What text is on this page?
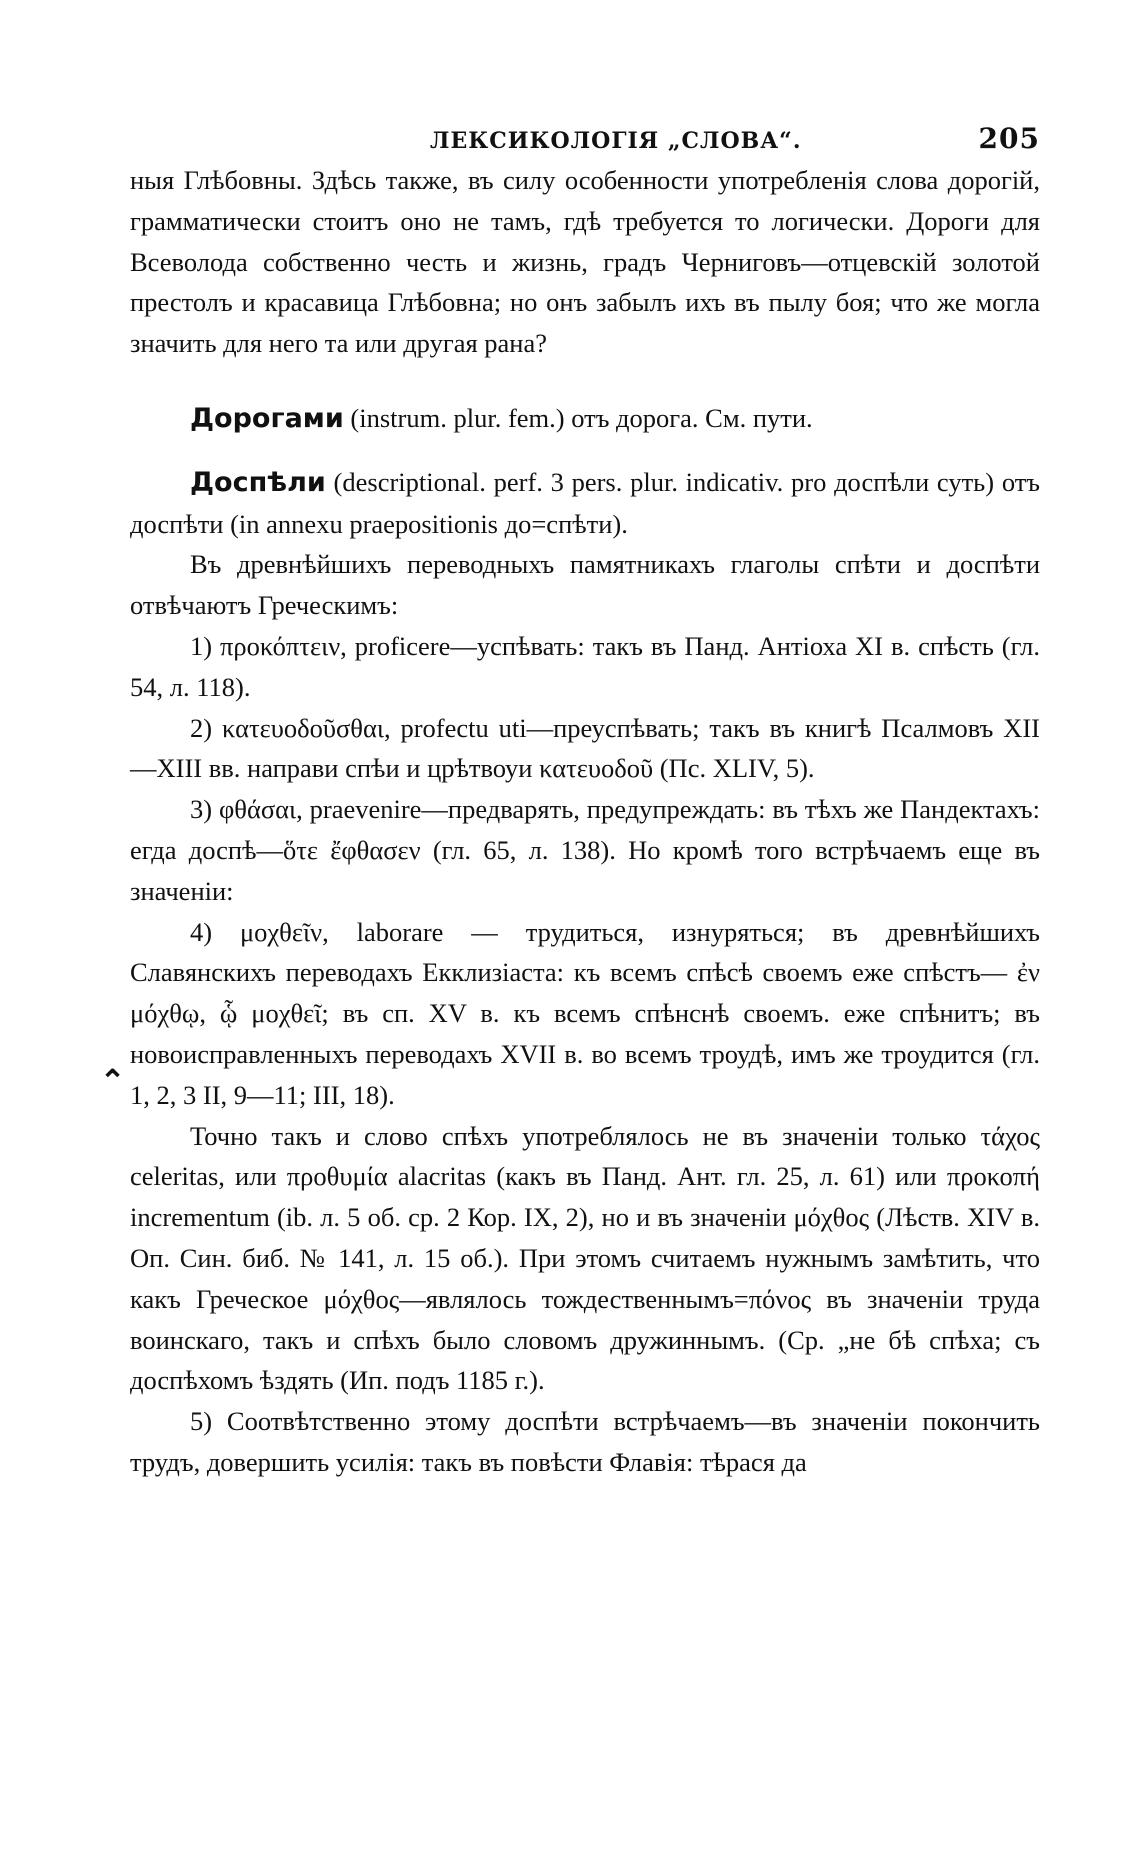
ЛЕКСИКОЛОГІЯ „СЛОВА“.	205

ныя Глѣбовны. Здѣсь также, въ силу особенности употребленія слова дорогій, грамматически стоитъ оно не тамъ, гдѣ требуется то логически. Дороги для Всеволода собственно честь и жизнь, градъ Черниговъ—отцевскій золотой престолъ и красавица Глѣбовна; но онъ забылъ ихъ въ пылу боя; что же могла значить для него та или другая рана?

Дорогами (instrum. plur. fem.) отъ дорога. См. пути.

Доспѣли (descriptional. perf. 3 pers. plur. indicativ. pro доспѣли суть) отъ доспѣти (in annexu praepositionis до=спѣти).

Въ древнѣйшихъ переводныхъ памятникахъ глаголы спѣти и доспѣти отвѣчаютъ Греческимъ:

1) προκόπτειν, proficere—успѣвать: такъ въ Панд. Антіоха XI в. спѣсть (гл. 54, л. 118).

2) κατευοδοῦσθαι, profectu uti—преуспѣвать; такъ въ книгѣ Псалмовъ XII—XIII вв. направи спѣи и црѣтвоуи κατευοδοῦ (Пс. XLIV, 5).

3) φθάσαι, praevenire—предварять, предупреждать: въ тѣхъ же Пандектахъ: егда доспѣ—ὅτε ἔφθασεν (гл. 65, л. 138). Но кромѣ того встрѣчаемъ еще въ значеніи:

4) μοχθεῖν, laborare — трудиться, изнуряться; въ древнѣйшихъ Славянскихъ переводахъ Екклизіаста: къ всемъ спѣсѣ своемъ еже спѣстъ— ἐν μόχθῳ, ᾧ μοχθεῖ; въ сп. XV в. къ всемъ спѣнснѣ своемъ. еже спѣнитъ; въ новоисправленныхъ переводахъ XVII в. во всемъ троудѣ, имъ же троудится (гл. 1, 2, 3 II, 9—11; III, 18).

Точно такъ и слово спѣхъ употреблялось не въ значеніи только τάχος celeritas, или προθυμία alacritas (какъ въ Панд. Ант. гл. 25, л. 61) или προκοπή incrementum (ib. л. 5 об. ср. 2 Кор. IX, 2), но и въ значеніи μόχθος (Лѣств. XIV в. Оп. Син. биб. № 141, л. 15 об.). При этомъ считаемъ нужнымъ замѣтить, что какъ Греческое μόχθος—являлось тождественнымъ=πόνος въ значеніи труда воинскаго, такъ и спѣхъ было словомъ дружиннымъ. (Ср. „не бѣ спѣха; съ доспѣхомъ ѣздять (Ип. подъ 1185 г.).

5) Соотвѣтственно этому доспѣти встрѣчаемъ—въ значеніи покончить трудъ, довершить усилія: такъ въ повѣсти Флавія: тѣрася да

⌃
